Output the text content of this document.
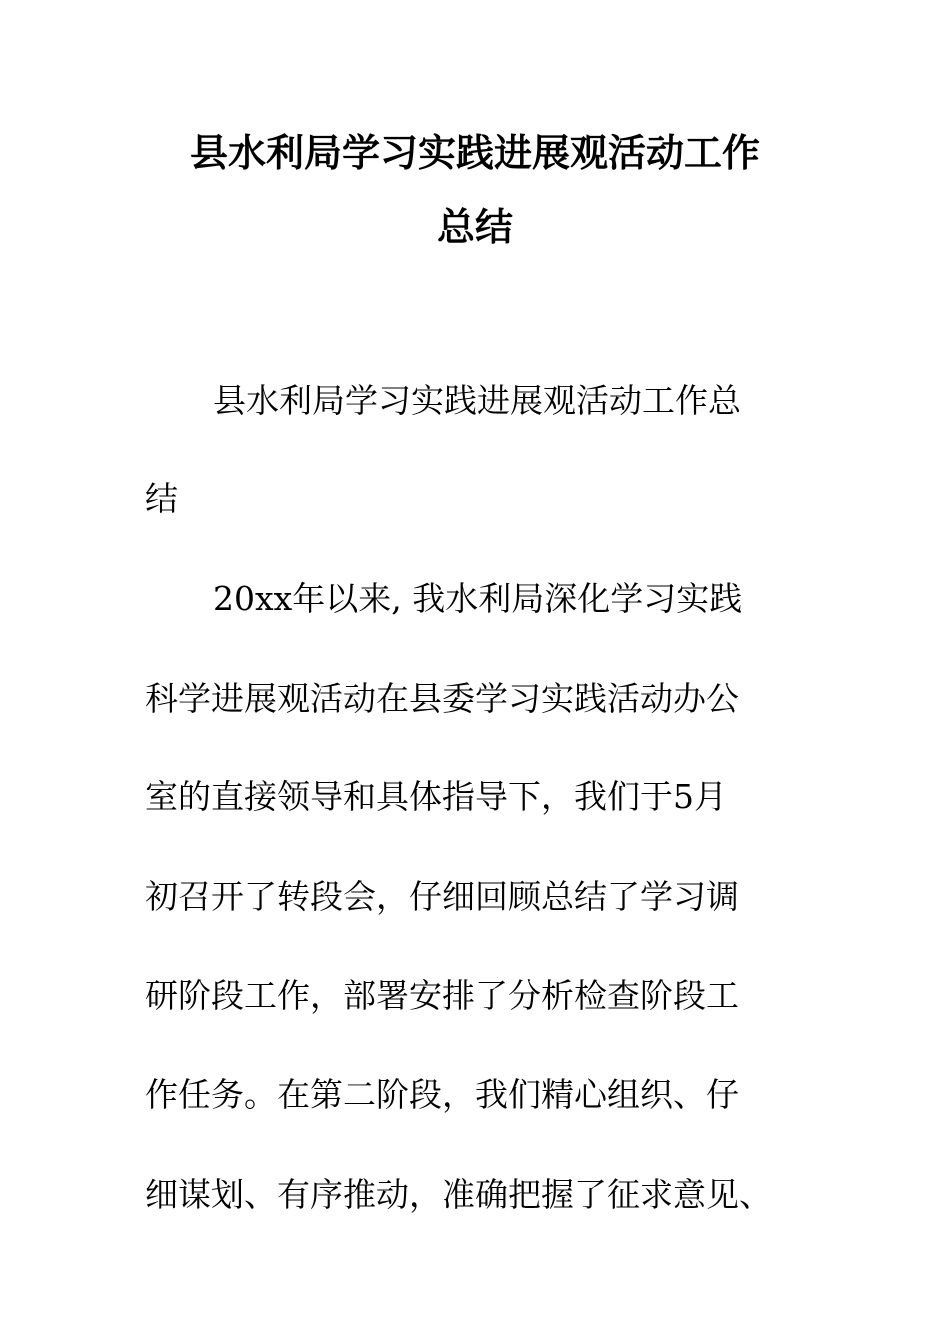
县水利局学习实践进展观活动工作
总结
县水利局学习实践进展观活动工作总
结
20xx年以来, 我水利局深化学习实践
科学进展观活动在县委学习实践活动办公
室的直接领导和具体指导下，我们于5月
初召开了转段会，仔细回顾总结了学习调
研阶段工作，部署安排了分析检查阶段工
作任务。在第二阶段，我们精心组织、仔
细谋划、有序推动，准确把握了征求意见、
